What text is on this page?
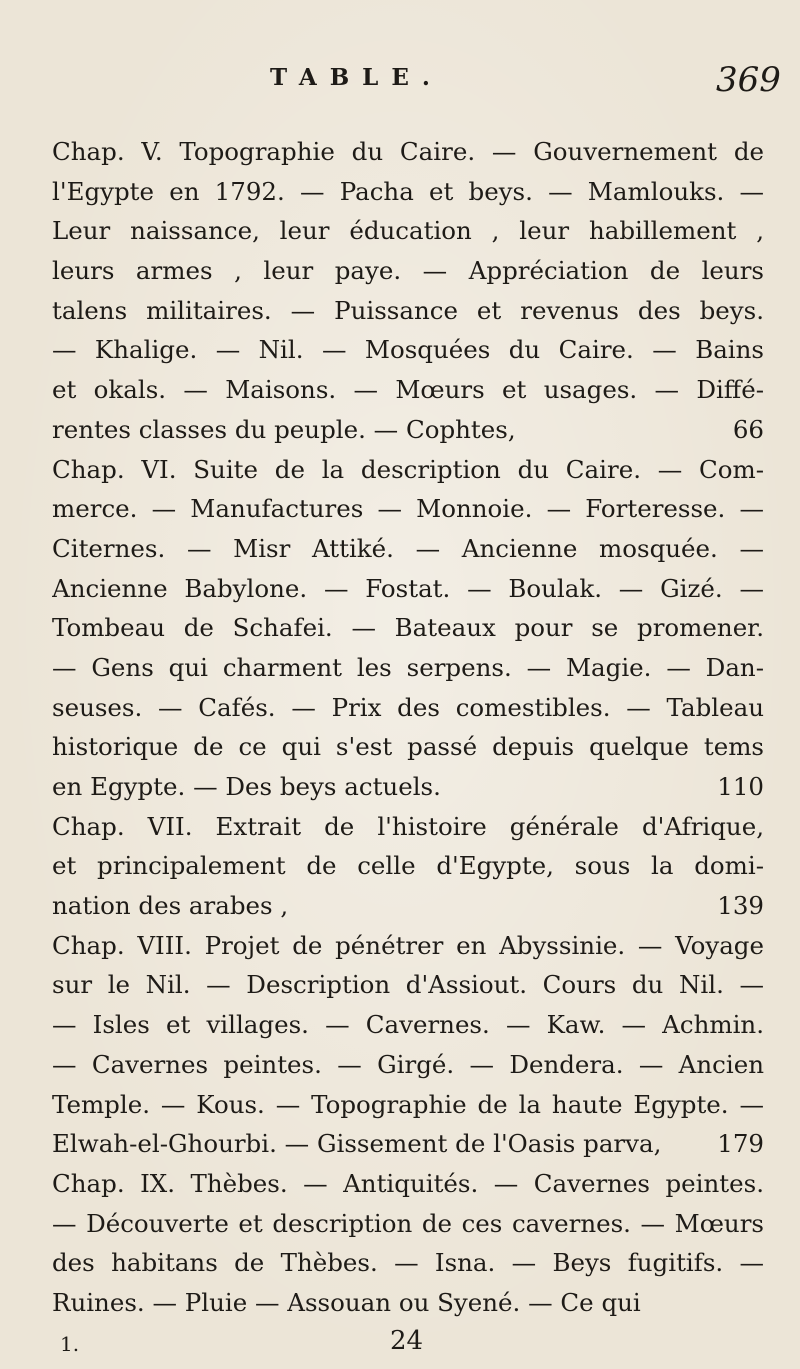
TABLE.	369
Chap. V. Topographie du Caire. — Gouvernement de
l'Egypte en 1792. — Pacha et beys. — Mamlouks. —
Leur naissance, leur éducation , leur habillement ,
leurs armes , leur paye. — Appréciation de leurs
talens militaires. — Puissance et revenus des beys.
— Khalige. — Nil. — Mosquées du Caire. — Bains
et okals. — Maisons. — Mœurs et usages. — Diffé-
rentes classes du peuple. — Cophtes,	66
Chap. VI. Suite de la description du Caire. — Com-
merce. — Manufactures — Monnoie. — Forteresse. —
Citernes. — Misr Attiké. — Ancienne mosquée. —
Ancienne Babylone. — Fostat. — Boulak. — Gizé. —
Tombeau de Schafei. — Bateaux pour se promener.
— Gens qui charment les serpens. — Magie. — Dan-
seuses. — Cafés. — Prix des comestibles. — Tableau
historique de ce qui s'est passé depuis quelque tems
en Egypte. — Des beys actuels.	110
Chap. VII. Extrait de l'histoire générale d'Afrique,
et principalement de celle d'Egypte, sous la domi-
nation des arabes ,	139
Chap. VIII. Projet de pénétrer en Abyssinie. — Voyage
sur le Nil. — Description d'Assiout. Cours du Nil. —
— Isles et villages. — Cavernes. — Kaw. — Achmin.
— Cavernes peintes. — Girgé. — Dendera. — Ancien
Temple. — Kous. — Topographie de la haute Egypte. —
Elwah-el-Ghourbi. — Gissement de l'Oasis parva, 179
Chap. IX. Thèbes. — Antiquités. — Cavernes peintes.
— Découverte et description de ces cavernes. — Mœurs
des habitans de Thèbes. — Isna. — Beys fugitifs. —
Ruines. — Pluie — Assouan ou Syené. — Ce qui
1.	24
